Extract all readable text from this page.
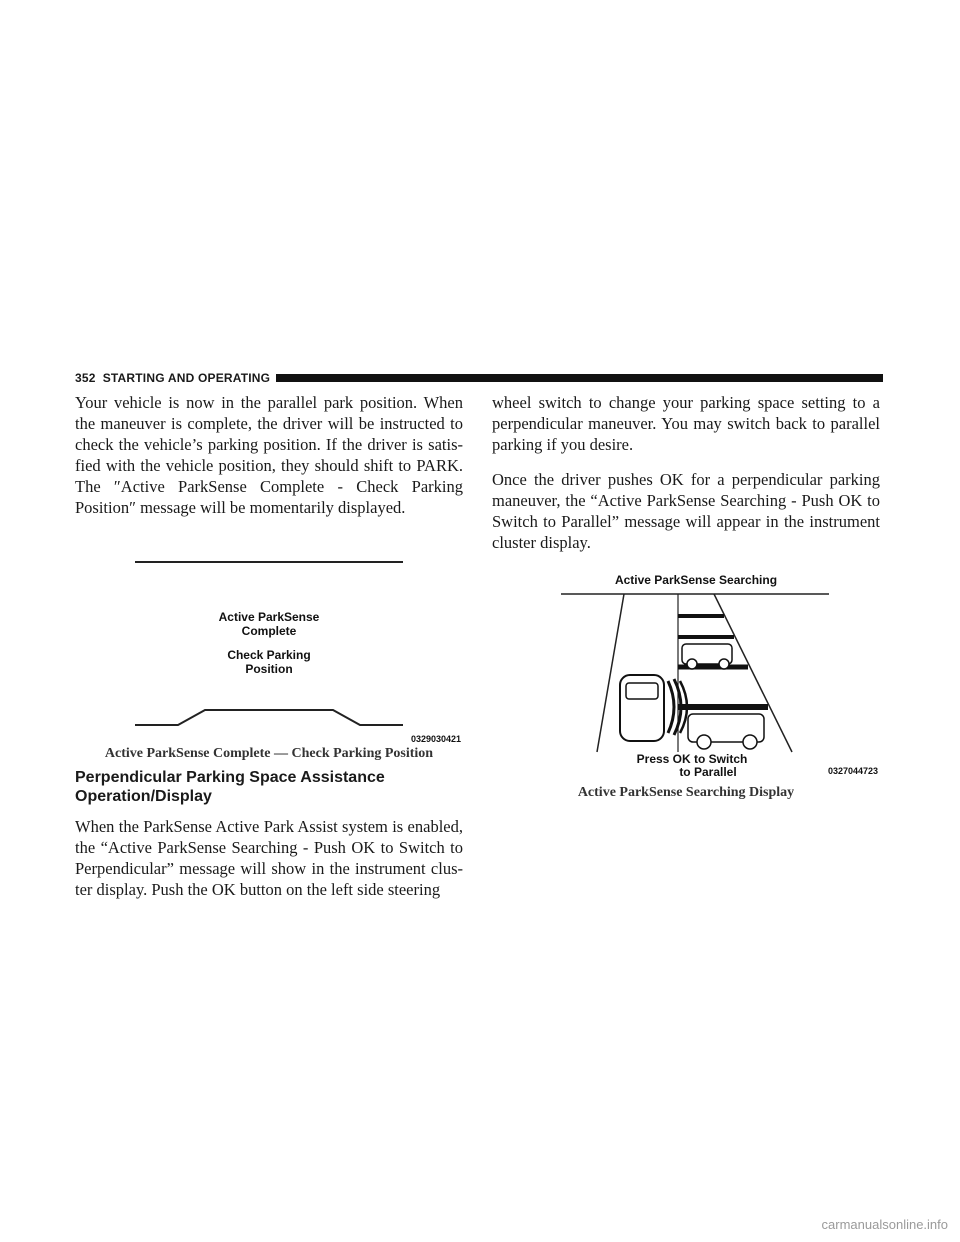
352 STARTING AND OPERATING

Your vehicle is now in the parallel park position. When the maneuver is complete, the driver will be instructed to check the vehicle’s parking position. If the driver is satisfied with the vehicle position, they should shift to PARK. The ″Active ParkSense Complete - Check Parking Position″ message will be momentarily displayed.

Active ParkSense
Complete
Check Parking
Position
0329030421
Active ParkSense Complete — Check Parking Position
Perpendicular Parking Space Assistance Operation/Display

When the ParkSense Active Park Assist system is enabled, the “Active ParkSense Searching - Push OK to Switch to Perpendicular” message will show in the instrument cluster display. Push the OK button on the left side steering

wheel switch to change your parking space setting to a perpendicular maneuver. You may switch back to parallel parking if you desire.

Once the driver pushes OK for a perpendicular parking maneuver, the “Active ParkSense Searching - Push OK to Switch to Parallel” message will appear in the instrument cluster display.

Active ParkSense Searching
Press OK to Switch
to Parallel	0327044723
Active ParkSense Searching Display
carmanualsonline.info
